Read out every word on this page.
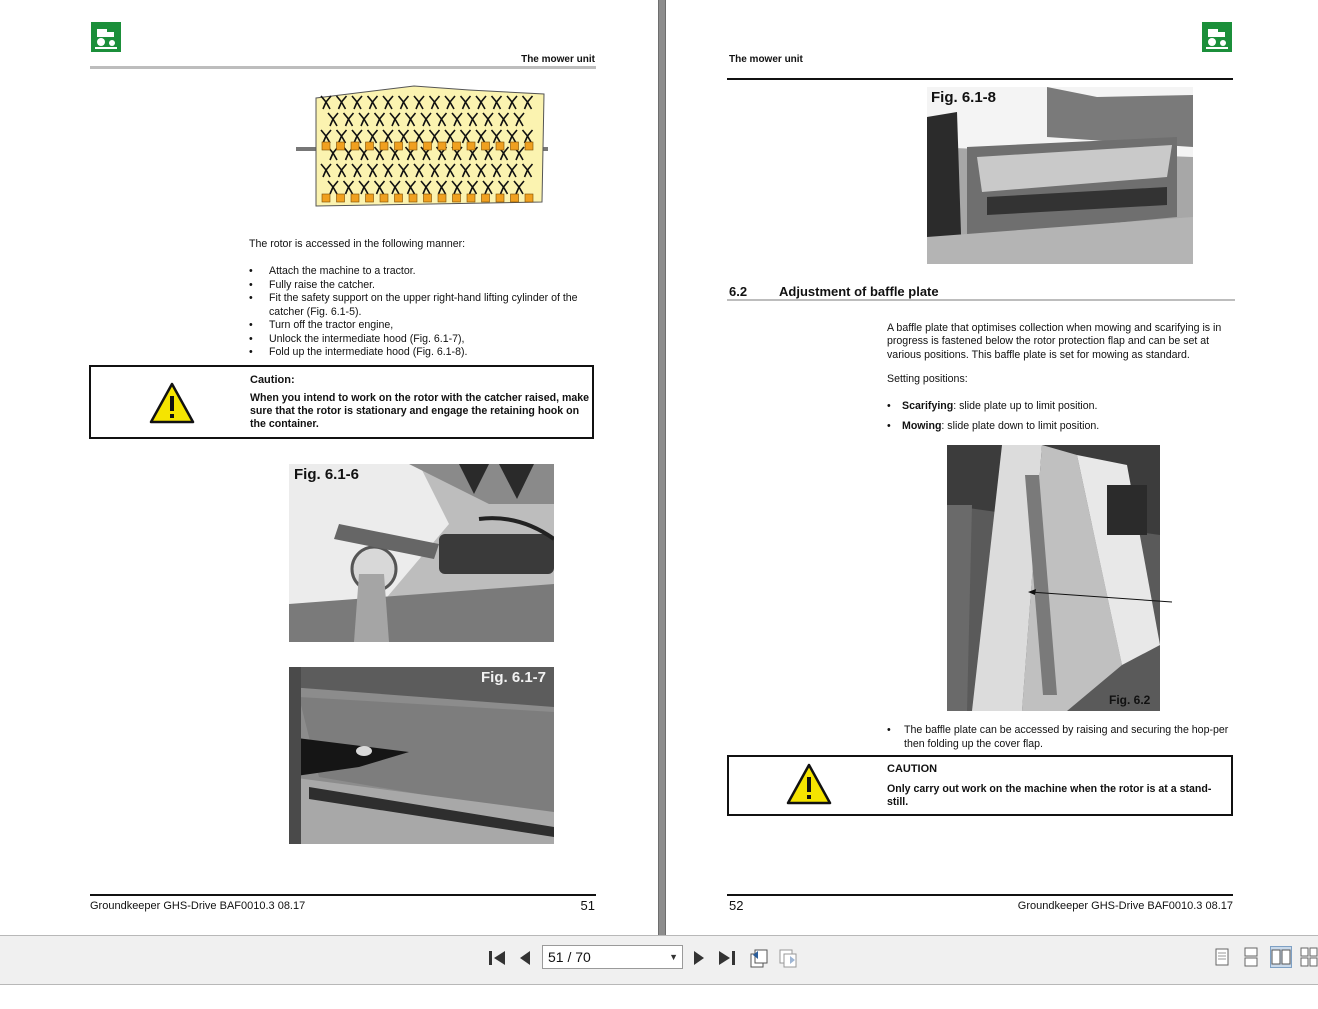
The mower unit
The rotor is accessed in the following manner:
• Attach the machine to a tractor.
• Fully raise the catcher.
• Fit the safety support on the upper right-hand lifting cylinder of the catcher (Fig. 6.1-5).
• Turn off the tractor engine,
• Unlock the intermediate hood (Fig. 6.1-7),
• Fold up the intermediate hood (Fig. 6.1-8).
Caution:
When you intend to work on the rotor with the catcher raised, make sure that the rotor is stationary and engage the retaining hook on the container.
Fig. 6.1-6
Fig. 6.1-7
Groundkeeper GHS-Drive BAF0010.3 08.17	51
The mower unit
Fig. 6.1-8
6.2 Adjustment of baffle plate
A baffle plate that optimises collection when mowing and scarifying is in progress is fastened below the rotor protection flap and can be set at various positions. This baffle plate is set for mowing as standard.
Setting positions:
• Scarifying: slide plate up to limit position.
• Mowing: slide plate down to limit position.
Fig. 6.2
• The baffle plate can be accessed by raising and securing the hop-per then folding up the cover flap.
CAUTION
Only carry out work on the machine when the rotor is at a stand-still.
52	Groundkeeper GHS-Drive BAF0010.3 08.17
51 / 70	▼
